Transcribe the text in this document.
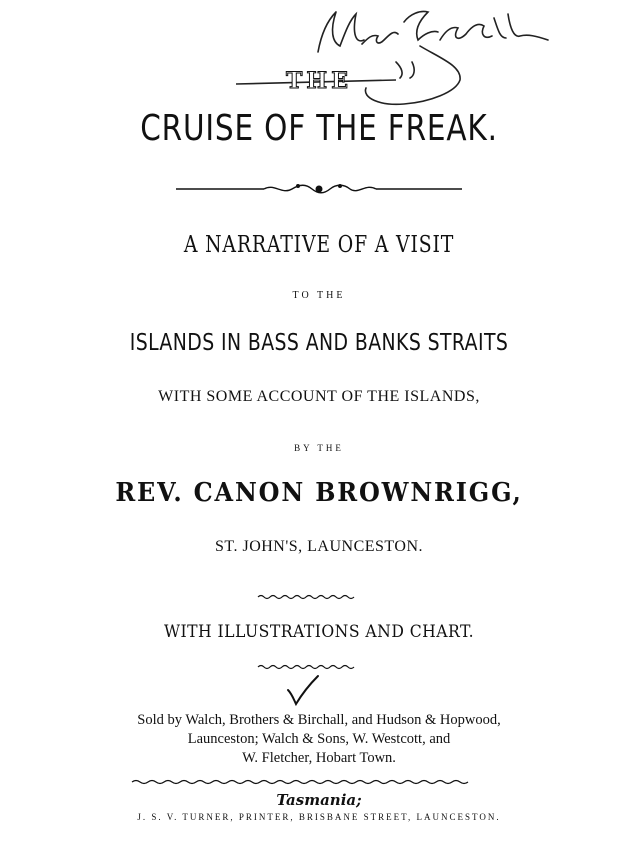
THE
CRUISE OF THE FREAK.
A NARRATIVE OF A VISIT
TO THE
ISLANDS IN BASS AND BANKS STRAITS
WITH SOME ACCOUNT OF THE ISLANDS,
BY THE
REV. CANON BROWNRIGG,
ST. JOHN'S, LAUNCESTON.
WITH ILLUSTRATIONS AND CHART.
Sold by Walch, Brothers & Birchall, and Hudson & Hopwood,
Launceston; Walch & Sons, W. Westcott, and
W. Fletcher, Hobart Town.
Tasmania;
J. S. V. TURNER, PRINTER, BRISBANE STREET, LAUNCESTON.
